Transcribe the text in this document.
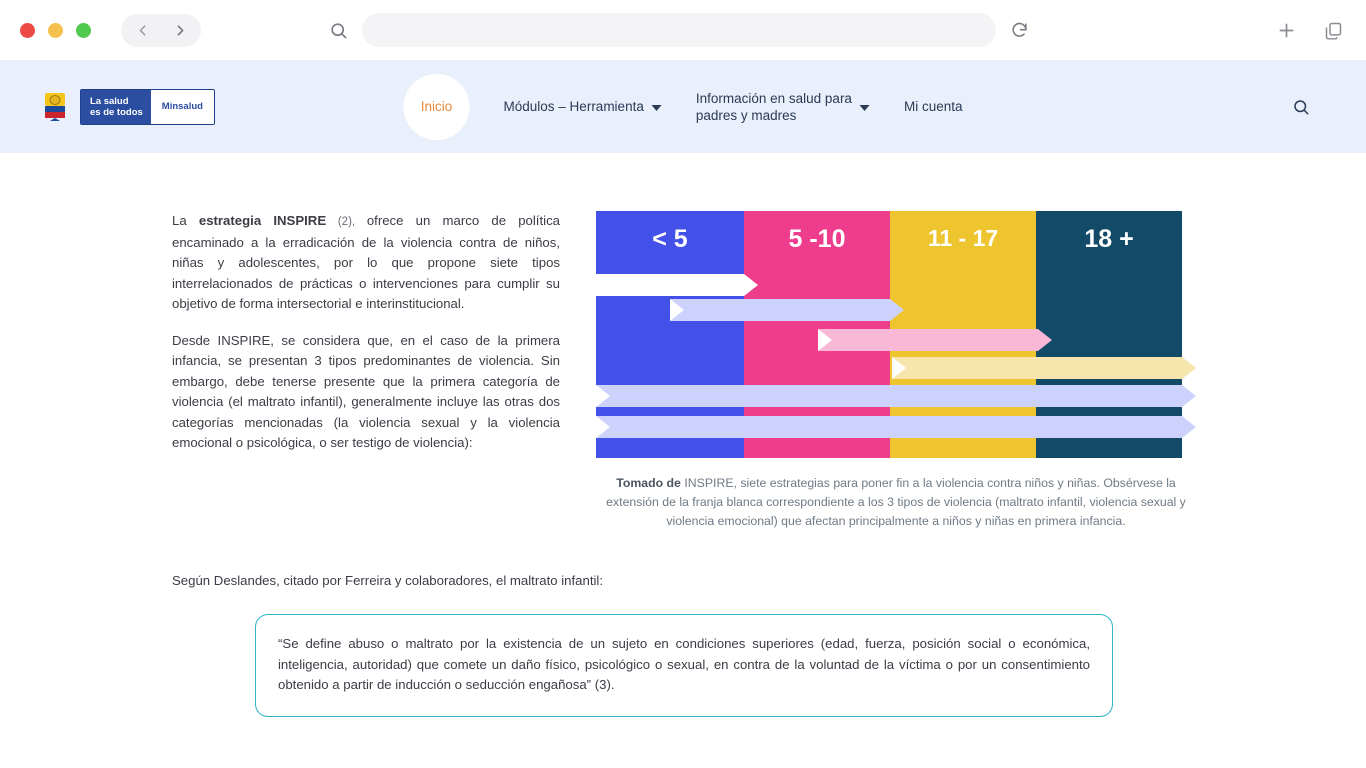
La salud
es de todos	Minsalud	Inicio	Módulos – Herramienta
Información en salud para
padres y madres
Mi cuenta

La estrategia INSPIRE (2), ofrece un marco de política encaminado a la erradicación de la violencia contra de niños, niñas y adolescentes, por lo que propone siete tipos interrelacionados de prácticas o intervenciones para cumplir su objetivo de forma intersectorial e interinstitucional.

Desde INSPIRE, se considera que, en el caso de la primera infancia, se presentan 3 tipos predominantes de violencia. Sin embargo, debe tenerse presente que la primera categoría de violencia (el maltrato infantil), generalmente incluye las otras dos categorías mencionadas (la violencia sexual y la violencia emocional o psicológica, o ser testigo de violencia):

< 5	5 -10	11 - 17	18 +
Maltrato infantil
Intimidación o bullying
Violencia juvenil
Violencia de pareja
Violencia sexual
Violencia emocional o psicológica, o ser testigo de violencia
Tomado de INSPIRE, siete estrategias para poner fin a la violencia contra niños y niñas. Obsérvese la extensión de la franja blanca correspondiente a los 3 tipos de violencia (maltrato infantil, violencia sexual y violencia emocional) que afectan principalmente a niños y niñas en primera infancia.
Según Deslandes, citado por Ferreira y colaboradores, el maltrato infantil:

“Se define abuso o maltrato por la existencia de un sujeto en condiciones superiores (edad, fuerza, posición social o económica, inteligencia, autoridad) que comete un daño físico, psicológico o sexual, en contra de la voluntad de la víctima o por un consentimiento obtenido a partir de inducción o seducción engañosa” (3).
